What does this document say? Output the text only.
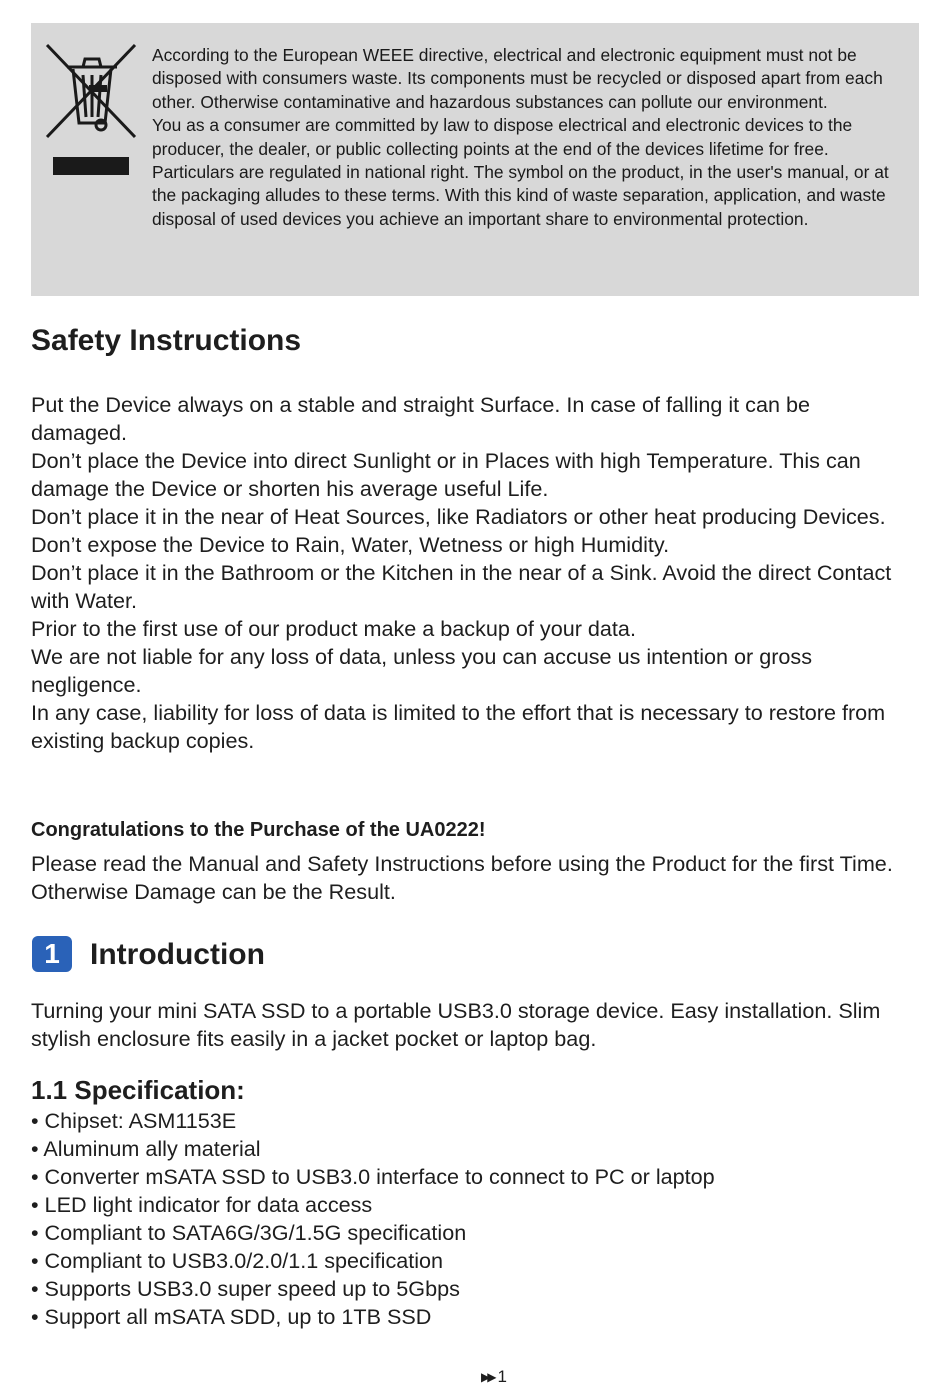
According to the European WEEE directive, electrical and electronic equipment must not be disposed with consumers waste. Its components must be recycled or disposed apart from each other. Otherwise contaminative and hazardous substances can pollute our environment.

You as a consumer are committed by law to dispose electrical and electronic devices to the producer, the dealer, or public collecting points at the end of the devices lifetime for free. Particulars are regulated in national right. The symbol on the product, in the user's manual, or at the packaging alludes to these terms. With this kind of waste separation, application, and waste disposal of used devices you achieve an important share to environmental protection.

Safety Instructions

Put the Device always on a stable and straight Surface. In case of falling it can be damaged.

Don’t place the Device into direct Sunlight or in Places with high Temperature. This can damage the Device or shorten his average useful Life.

Don’t place it in the near of Heat Sources, like Radiators or other heat producing Devices.

Don’t expose the Device to Rain, Water, Wetness or high Humidity.

Don’t place it in the Bathroom or the Kitchen in the near of a Sink. Avoid the direct Contact with Water.

Prior to the first use of our product make a backup of your data.

We are not liable for any loss of data, unless you can accuse us intention or gross negligence.

In any case, liability for loss of data is limited to the effort that is necessary to restore from existing backup copies.

Congratulations to the Purchase of the UA0222!

Please read the Manual and Safety Instructions before using the Product for the first Time. Otherwise Damage can be the Result.

1	Introduction

Turning your mini SATA SSD to a portable USB3.0 storage device. Easy installation. Slim stylish enclosure fits easily in a jacket pocket or laptop bag.

1.1 Specification:
• Chipset: ASM1153E
• Aluminum ally material
• Converter mSATA SSD to USB3.0 interface to connect to PC or laptop
• LED light indicator for data access
• Compliant to SATA6G/3G/1.5G specification
• Compliant to USB3.0/2.0/1.1 specification
• Supports USB3.0 super speed up to 5Gbps
• Support all mSATA SDD, up to 1TB SSD
▶▶ 1
